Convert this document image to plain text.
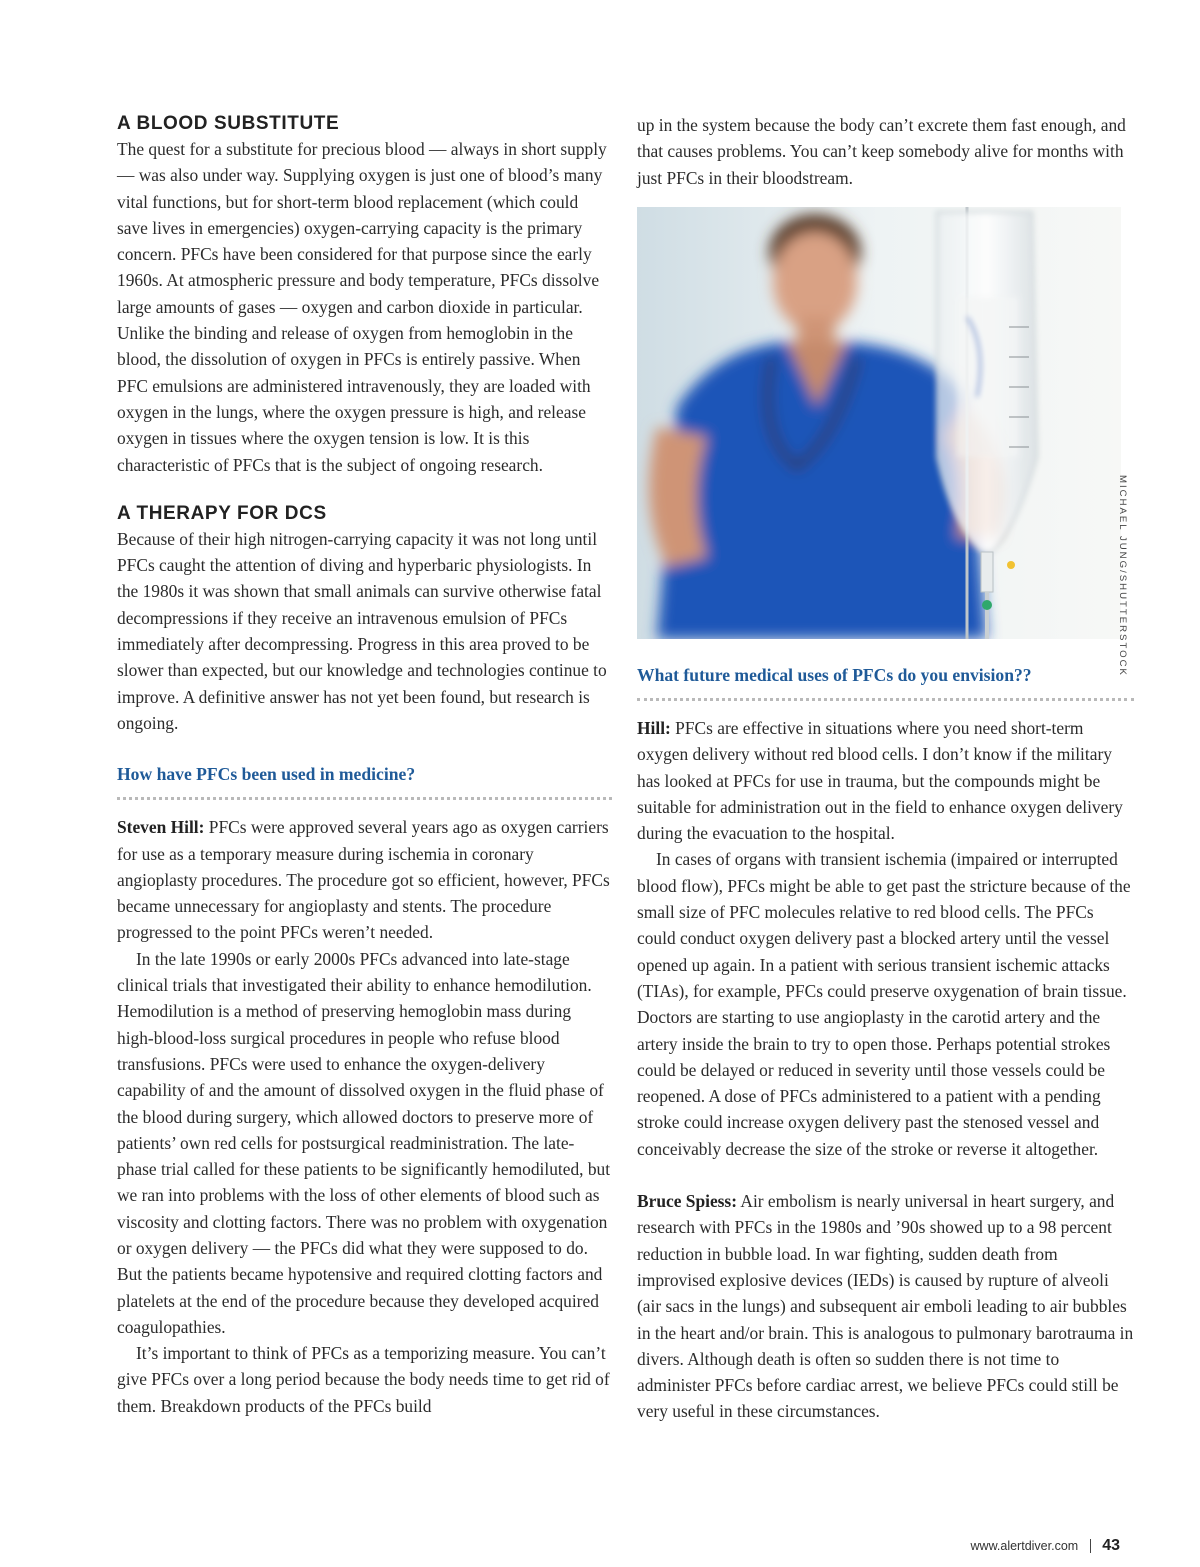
A BLOOD SUBSTITUTE

The quest for a substitute for precious blood — always in short supply — was also under way. Supplying oxygen is just one of blood’s many vital functions, but for short-term blood replacement (which could save lives in emergencies) oxygen-carrying capacity is the primary concern. PFCs have been considered for that purpose since the early 1960s. At atmospheric pressure and body temperature, PFCs dissolve large amounts of gases — oxygen and carbon dioxide in particular. Unlike the binding and release of oxygen from hemoglobin in the blood, the dissolution of oxygen in PFCs is entirely passive. When PFC emulsions are administered intravenously, they are loaded with oxygen in the lungs, where the oxygen pressure is high, and release oxygen in tissues where the oxygen tension is low. It is this characteristic of PFCs that is the subject of ongoing research.

A THERAPY FOR DCS

Because of their high nitrogen-carrying capacity it was not long until PFCs caught the attention of diving and hyperbaric physiologists. In the 1980s it was shown that small animals can survive otherwise fatal decompressions if they receive an intravenous emulsion of PFCs immediately after decompressing. Progress in this area proved to be slower than expected, but our knowledge and technologies continue to improve. A definitive answer has not yet been found, but research is ongoing.

How have PFCs been used in medicine?

Steven Hill: PFCs were approved several years ago as oxygen carriers for use as a temporary measure during ischemia in coronary angioplasty procedures. The procedure got so efficient, however, PFCs became unnecessary for angioplasty and stents. The procedure progressed to the point PFCs weren’t needed.

In the late 1990s or early 2000s PFCs advanced into late-stage clinical trials that investigated their ability to enhance hemodilution. Hemodilution is a method of preserving hemoglobin mass during high-blood-loss surgical procedures in people who refuse blood transfusions. PFCs were used to enhance the oxygen-delivery capability of and the amount of dissolved oxygen in the fluid phase of the blood during surgery, which allowed doctors to preserve more of patients’ own red cells for postsurgical readministration. The late-phase trial called for these patients to be significantly hemodiluted, but we ran into problems with the loss of other elements of blood such as viscosity and clotting factors. There was no problem with oxygenation or oxygen delivery — the PFCs did what they were supposed to do. But the patients became hypotensive and required clotting factors and platelets at the end of the procedure because they developed acquired coagulopathies.

It’s important to think of PFCs as a temporizing measure. You can’t give PFCs over a long period because the body needs time to get rid of them. Breakdown products of the PFCs build

up in the system because the body can’t excrete them fast enough, and that causes problems. You can’t keep somebody alive for months with just PFCs in their bloodstream.

MICHAEL JUNG/SHUTTERSTOCK
What future medical uses of PFCs do you envision??

Hill: PFCs are effective in situations where you need short-term oxygen delivery without red blood cells. I don’t know if the military has looked at PFCs for use in trauma, but the compounds might be suitable for administration out in the field to enhance oxygen delivery during the evacuation to the hospital.

In cases of organs with transient ischemia (impaired or interrupted blood flow), PFCs might be able to get past the stricture because of the small size of PFC molecules relative to red blood cells. The PFCs could conduct oxygen delivery past a blocked artery until the vessel opened up again. In a patient with serious transient ischemic attacks (TIAs), for example, PFCs could preserve oxygenation of brain tissue. Doctors are starting to use angioplasty in the carotid artery and the artery inside the brain to try to open those. Perhaps potential strokes could be delayed or reduced in severity until those vessels could be reopened. A dose of PFCs administered to a patient with a pending stroke could increase oxygen delivery past the stenosed vessel and conceivably decrease the size of the stroke or reverse it altogether.

Bruce Spiess: Air embolism is nearly universal in heart surgery, and research with PFCs in the 1980s and ’90s showed up to a 98 percent reduction in bubble load. In war fighting, sudden death from improvised explosive devices (IEDs) is caused by rupture of alveoli (air sacs in the lungs) and subsequent air emboli leading to air bubbles in the heart and/or brain. This is analogous to pulmonary barotrauma in divers. Although death is often so sudden there is not time to administer PFCs before cardiac arrest, we believe PFCs could still be very useful in these circumstances.

www.alertdiver.com 43
